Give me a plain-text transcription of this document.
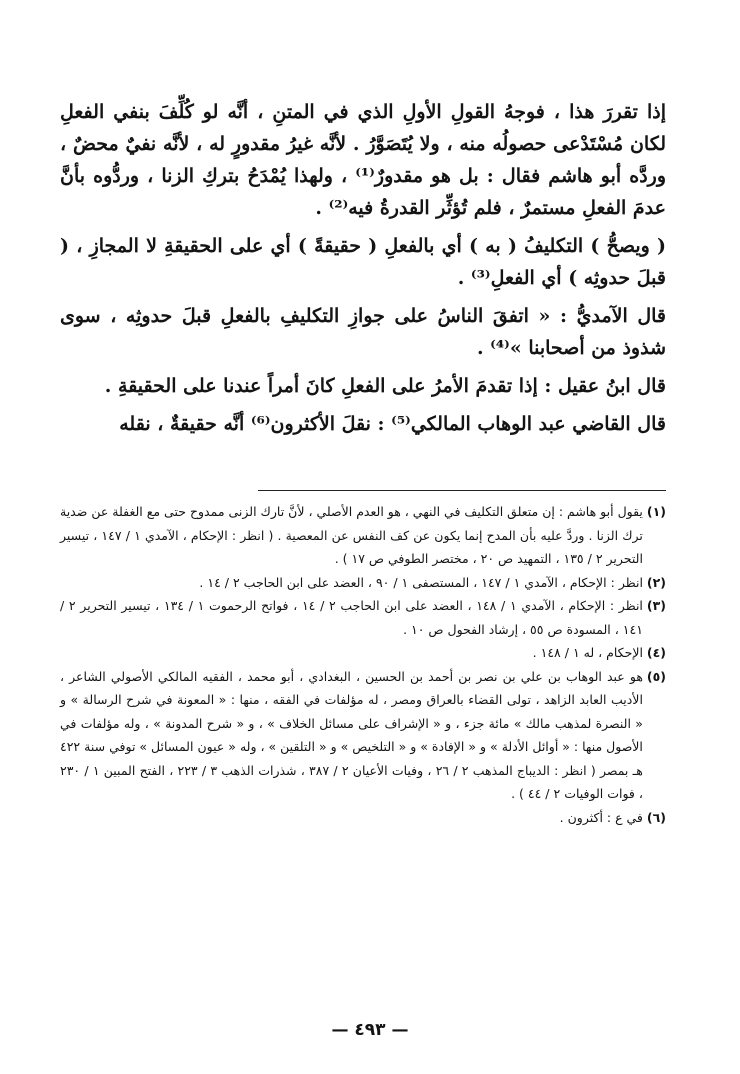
إذا تقررَ هذا ، فوجهُ القولِ الأولِ الذي في المتنِ ، أنَّه لو كُلِّفَ بنفي الفعلِ لكان مُسْتَدْعى حصولُه منه ، ولا يُتَصَوَّرُ . لأنَّه غيرُ مقدورٍ له ، لأنَّه نفيٌ محضٌ ، وردَّه أبو هاشم فقال : بل هو مقدورٌ⁽¹⁾ ، ولهذا يُمْدَحُ بتركِ الزنا ، وردُّوه بأنَّ عدمَ الفعلِ مستمرٌ ، فلم تُؤثِّر القدرةُ فيه⁽²⁾ .

( ويصحُّ ) التكليفُ ( به ) أي بالفعلِ ( حقيقةً ) أي على الحقيقةِ لا المجازِ ، ( قبلَ حدوثِه ) أي الفعلِ⁽³⁾ .

قال الآمديُّ : « اتفقَ الناسُ على جوازِ التكليفِ بالفعلِ قبلَ حدوثِه ، سوى شذوذ من أصحابنا »⁽⁴⁾ .

قال ابنُ عقيل : إذا تقدمَ الأمرُ على الفعلِ كانَ أمراً عندنا على الحقيقةِ .

قال القاضي عبد الوهاب المالكي⁽⁵⁾ : نقلَ الأكثرون⁽⁶⁾ أنَّه حقيقةٌ ، نقله

(١)
يقول أبو هاشم : إن متعلق التكليف في النهي ، هو العدم الأصلي ، لأنَّ تارك الزنى ممدوح حتى مع الغفلة عن ضدية ترك الزنا . وردَّ عليه بأن المدح إنما يكون عن كف النفس عن المعصية . ( انظر : الإحكام ، الآمدي ١ / ١٤٧ ، تيسير التحرير ٢ / ١٣٥ ، التمهيد ص ٢٠ ، مختصر الطوفي ص ١٧ ) .
(٢)
انظر : الإحكام ، الآمدي ١ / ١٤٧ ، المستصفى ١ / ٩٠ ، العضد على ابن الحاجب ٢ / ١٤ .
(٣)
انظر : الإحكام ، الآمدي ١ / ١٤٨ ، العضد على ابن الحاجب ٢ / ١٤ ، فواتح الرحموت ١ / ١٣٤ ، تيسير التحرير ٢ / ١٤١ ، المسودة ص ٥٥ ، إرشاد الفحول ص ١٠ .
(٤)
الإحكام ، له ١ / ١٤٨ .
(٥)
هو عبد الوهاب بن علي بن نصر بن أحمد بن الحسين ، البغدادي ، أبو محمد ، الفقيه المالكي الأصولي الشاعر ، الأديب العابد الزاهد ، تولى القضاء بالعراق ومصر ، له مؤلفات في الفقه ، منها : « المعونة في شرح الرسالة » و « النصرة لمذهب مالك » مائة جزء ، و « الإشراف على مسائل الخلاف » ، و « شرح المدونة » ، وله مؤلفات في الأصول منها : « أوائل الأدلة » و « الإفادة » و « التلخيص » و « التلقين » ، وله « عيون المسائل » توفي سنة ٤٢٢ هـ بمصر ( انظر : الديباج المذهب ٢ / ٢٦ ، وفيات الأعيان ٢ / ٣٨٧ ، شذرات الذهب ٣ / ٢٢٣ ، الفتح المبين ١ / ٢٣٠ ، فوات الوفيات ٢ / ٤٤ ) .
(٦)
في ع : أكثرون .
— ٤٩٣ —
